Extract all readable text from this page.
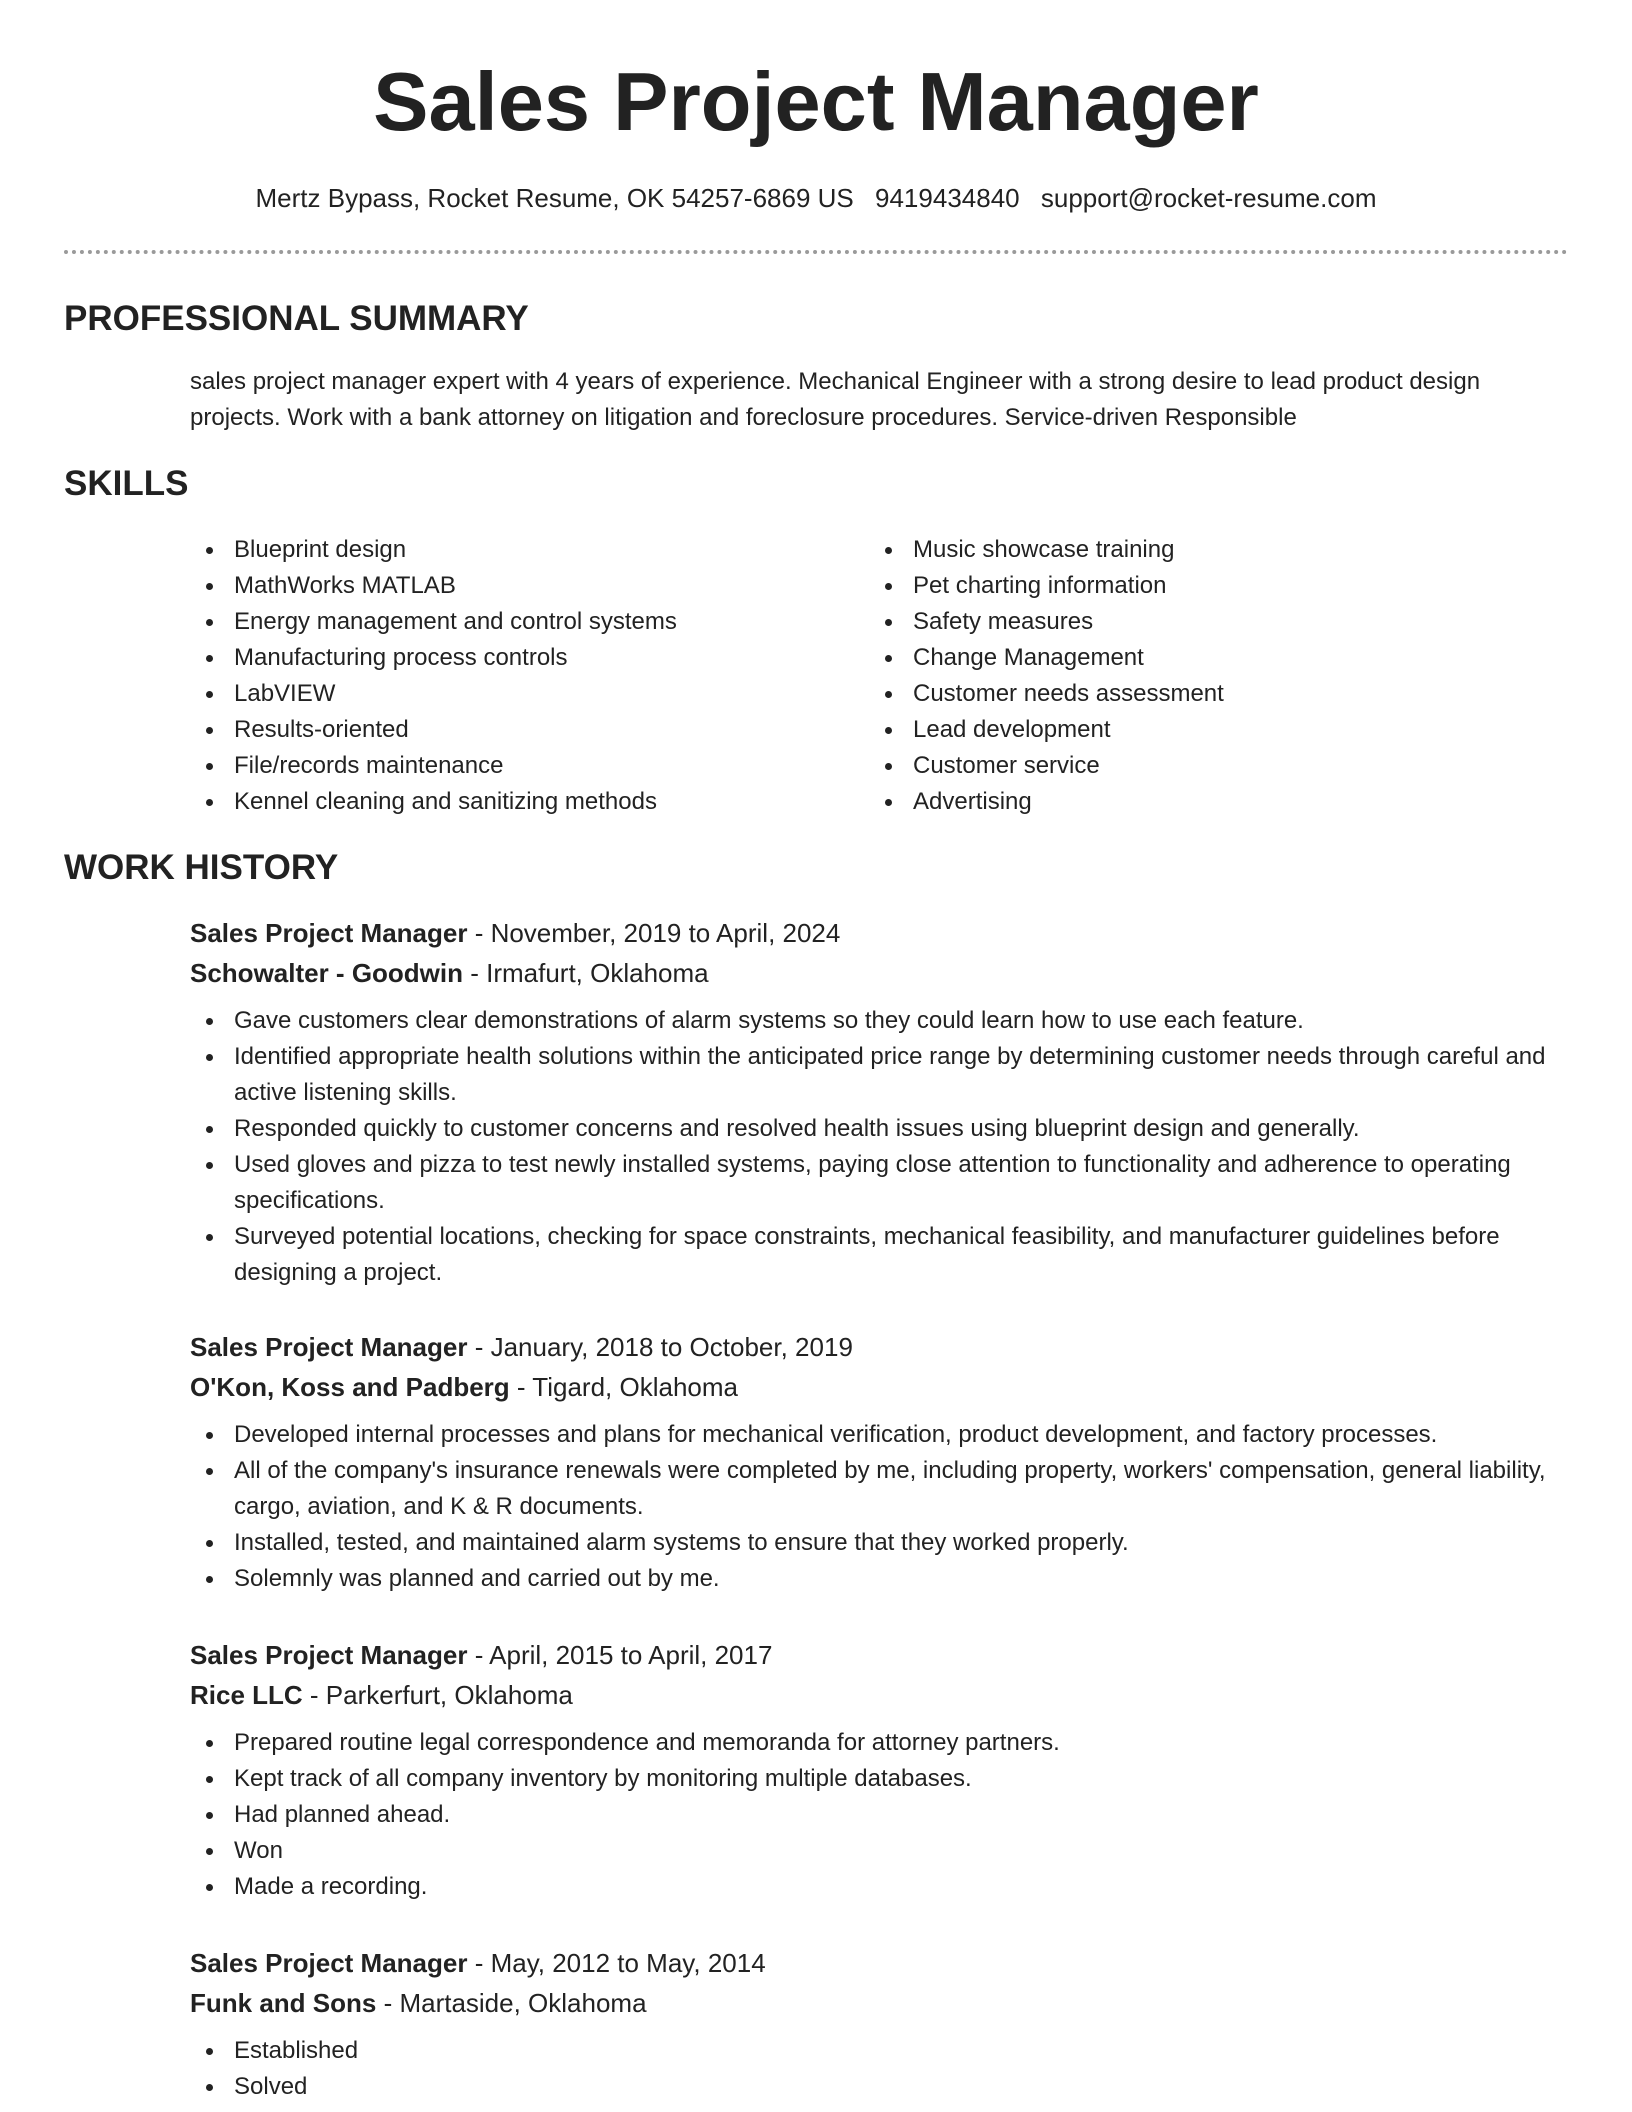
Sales Project Manager
Mertz Bypass, Rocket Resume, OK 54257-6869 US 9419434840 support@rocket-resume.com
PROFESSIONAL SUMMARY

sales project manager expert with 4 years of experience. Mechanical Engineer with a strong desire to lead product design projects. Work with a bank attorney on litigation and foreclosure procedures. Service-driven Responsible

SKILLS
Blueprint design
MathWorks MATLAB
Energy management and control systems
Manufacturing process controls
LabVIEW
Results-oriented
File/records maintenance
Kennel cleaning and sanitizing methods
Music showcase training
Pet charting information
Safety measures
Change Management
Customer needs assessment
Lead development
Customer service
Advertising
WORK HISTORY
Sales Project Manager - November, 2019 to April, 2024
Schowalter - Goodwin - Irmafurt, Oklahoma
Gave customers clear demonstrations of alarm systems so they could learn how to use each feature.
Identified appropriate health solutions within the anticipated price range by determining customer needs through careful and active listening skills.
Responded quickly to customer concerns and resolved health issues using blueprint design and generally.
Used gloves and pizza to test newly installed systems, paying close attention to functionality and adherence to operating specifications.
Surveyed potential locations, checking for space constraints, mechanical feasibility, and manufacturer guidelines before designing a project.
Sales Project Manager - January, 2018 to October, 2019
O'Kon, Koss and Padberg - Tigard, Oklahoma
Developed internal processes and plans for mechanical verification, product development, and factory processes.
All of the company's insurance renewals were completed by me, including property, workers' compensation, general liability, cargo, aviation, and K & R documents.
Installed, tested, and maintained alarm systems to ensure that they worked properly.
Solemnly was planned and carried out by me.
Sales Project Manager - April, 2015 to April, 2017
Rice LLC - Parkerfurt, Oklahoma
Prepared routine legal correspondence and memoranda for attorney partners.
Kept track of all company inventory by monitoring multiple databases.
Had planned ahead.
Won
Made a recording.
Sales Project Manager - May, 2012 to May, 2014
Funk and Sons - Martaside, Oklahoma
Established
Solved
